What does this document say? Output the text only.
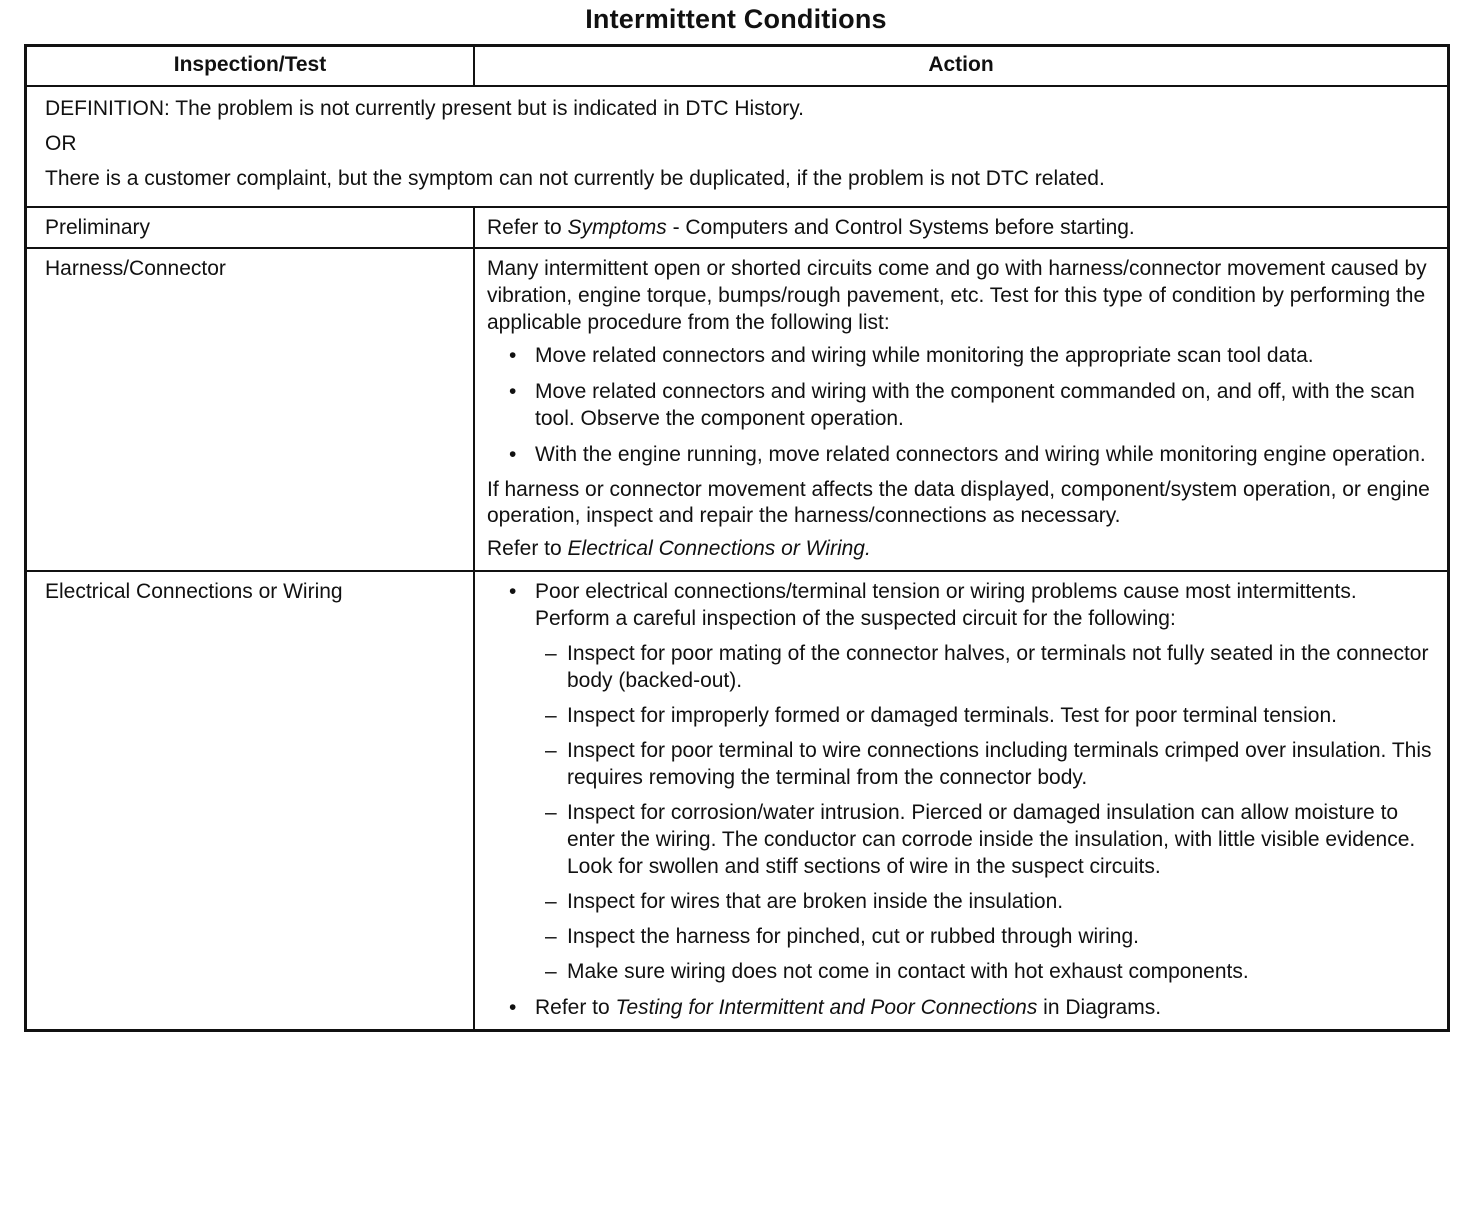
Intermittent Conditions
Inspection/Test	Action

DEFINITION: The problem is not currently present but is indicated in DTC History.

OR

There is a customer complaint, but the symptom can not currently be duplicated, if the problem is not DTC related.

Preliminary	Refer to Symptoms - Computers and Control Systems before starting.
Harness/Connector	Many intermittent open or shorted circuits come and go with harness/connector movement caused by vibration, engine torque, bumps/rough pavement, etc. Test for this type of condition by performing the applicable procedure from the following list:

• Move related connectors and wiring while monitoring the appropriate scan tool data.
• Move related connectors and wiring with the component commanded on, and off, with the scan tool. Observe the component operation.
• With the engine running, move related connectors and wiring while monitoring engine operation.

If harness or connector movement affects the data displayed, component/system operation, or engine operation, inspect and repair the harness/connections as necessary.

Refer to Electrical Connections or Wiring.

Electrical Connections or Wiring	• Poor electrical connections/terminal tension or wiring problems cause most intermittents. Perform a careful inspection of the suspected circuit for the following:
– Inspect for poor mating of the connector halves, or terminals not fully seated in the connector body (backed-out).
– Inspect for improperly formed or damaged terminals. Test for poor terminal tension.
– Inspect for poor terminal to wire connections including terminals crimped over insulation. This requires removing the terminal from the connector body.
– Inspect for corrosion/water intrusion. Pierced or damaged insulation can allow moisture to enter the wiring. The conductor can corrode inside the insulation, with little visible evidence. Look for swollen and stiff sections of wire in the suspect circuits.
– Inspect for wires that are broken inside the insulation.
– Inspect the harness for pinched, cut or rubbed through wiring.
– Make sure wiring does not come in contact with hot exhaust components.
• Refer to Testing for Intermittent and Poor Connections in Diagrams.
